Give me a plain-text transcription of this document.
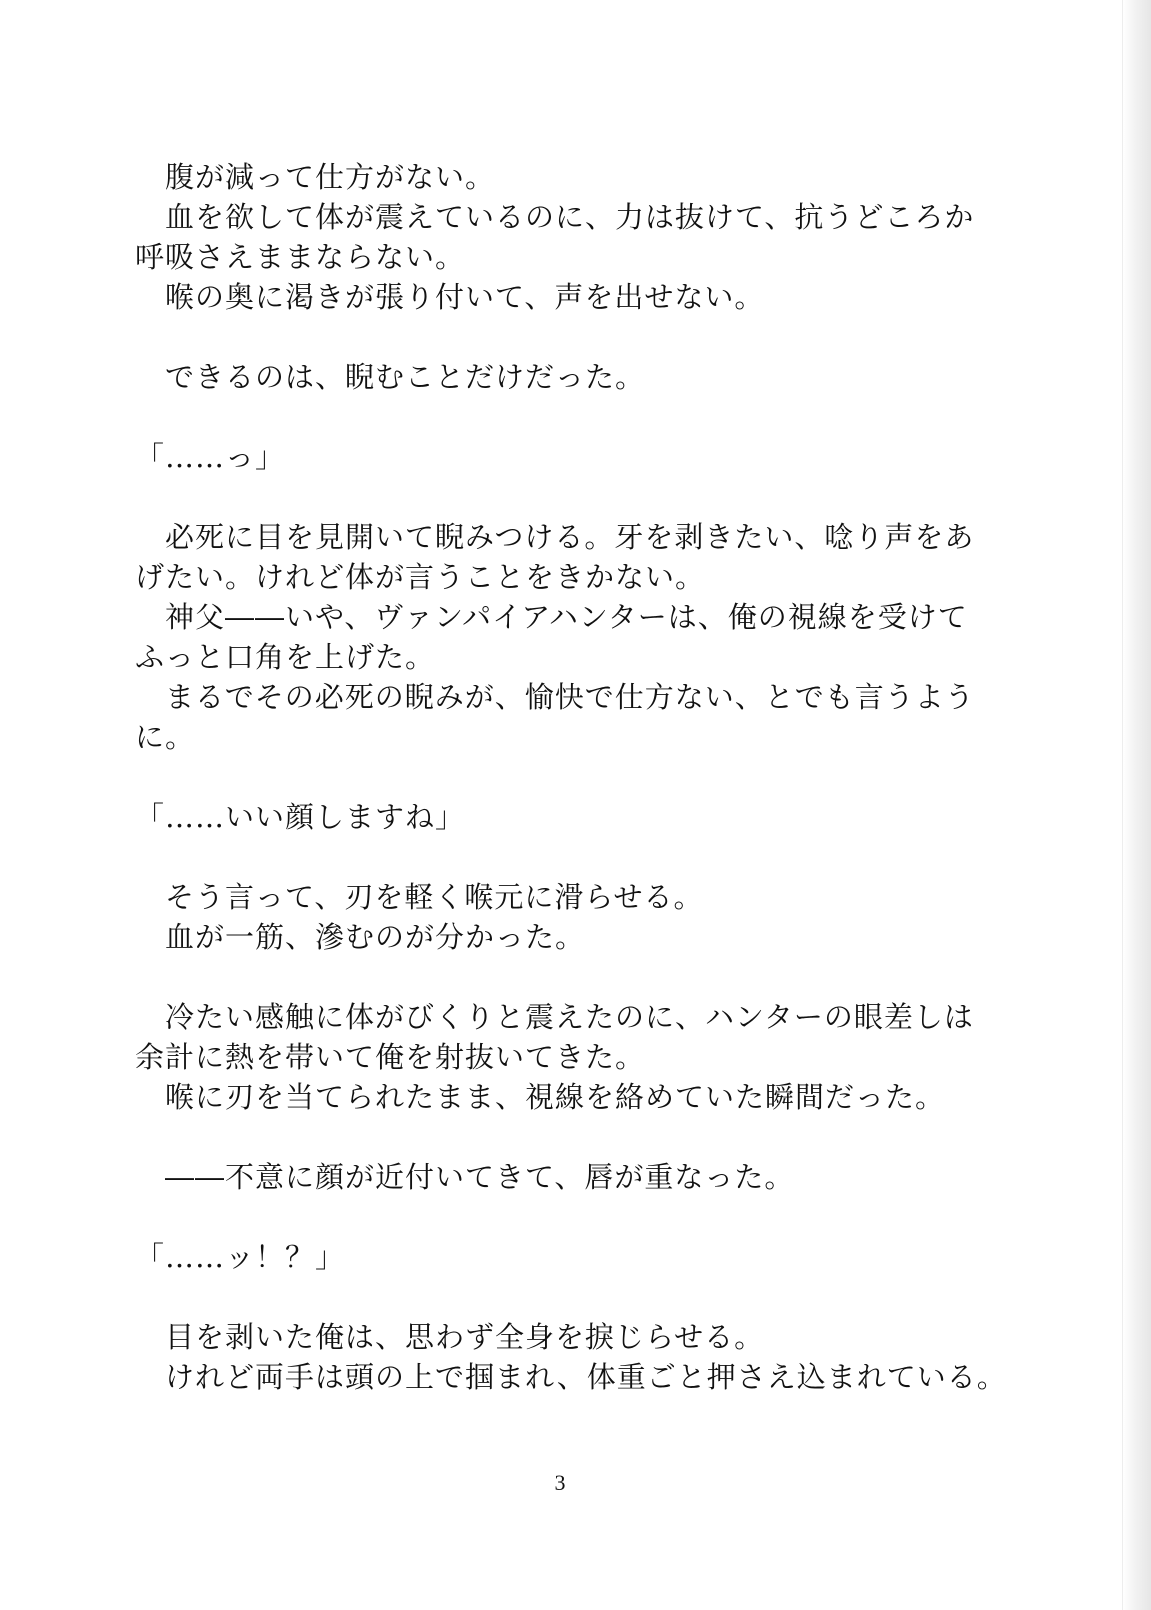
　腹が減って仕方がない。
　血を欲して体が震えているのに、力は抜けて、抗うどころか
呼吸さえままならない。
　喉の奥に渇きが張り付いて、声を出せない。
　できるのは、睨むことだけだった。
「……っ」
　必死に目を見開いて睨みつける。牙を剥きたい、唸り声をあ
げたい。けれど体が言うことをきかない。
　神父――いや、ヴァンパイアハンターは、俺の視線を受けて
ふっと口角を上げた。
　まるでその必死の睨みが、愉快で仕方ない、とでも言うよう
に。
「……いい顔しますね」
　そう言って、刃を軽く喉元に滑らせる。
　血が一筋、滲むのが分かった。
　冷たい感触に体がびくりと震えたのに、ハンターの眼差しは
余計に熱を帯いて俺を射抜いてきた。
　喉に刃を当てられたまま、視線を絡めていた瞬間だった。
　――不意に顔が近付いてきて、唇が重なった。
「……ッ！？」
　目を剥いた俺は、思わず全身を捩じらせる。
　けれど両手は頭の上で掴まれ、体重ごと押さえ込まれている。
3
